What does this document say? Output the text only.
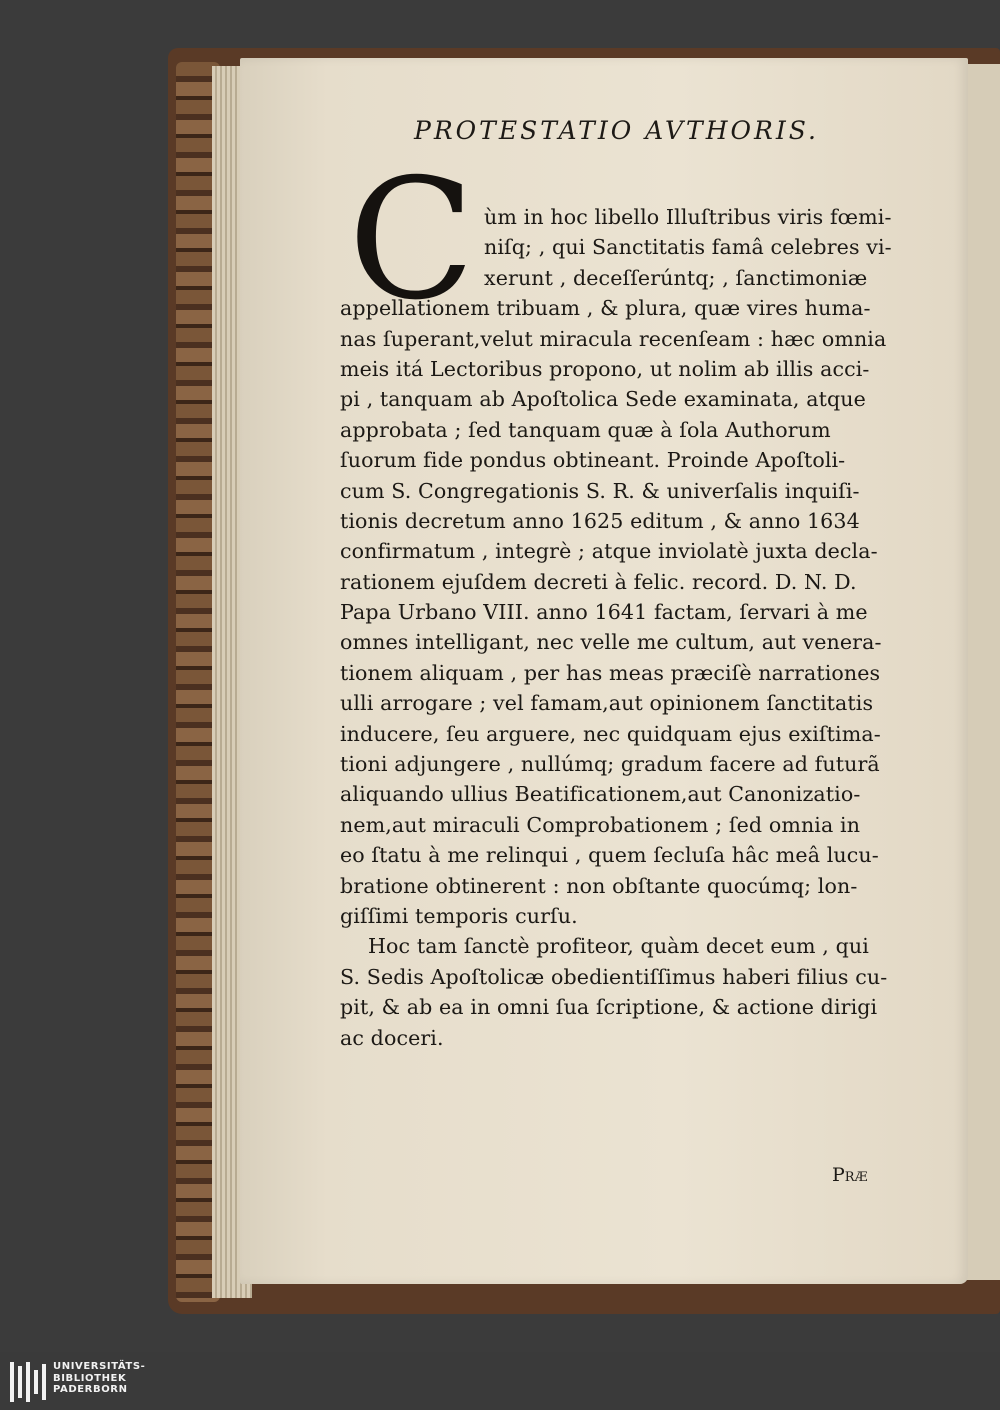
PROTESTATIO AVTHORIS.
C ùm in hoc libello Illuſtribus viris fœmi-
niſq; , qui Sanctitatis famâ celebres vi-
xerunt , deceſſerúntq; , ſanctimoniæ
appellationem tribuam , & plura, quæ vires huma-
nas ſuperant,velut miracula recenſeam : hæc omnia
meis itá Lectoribus propono, ut nolim ab illis acci-
pi , tanquam ab Apoſtolica Sede examinata, atque
approbata ; ſed tanquam quæ à ſola Authorum
ſuorum fide pondus obtineant. Proinde Apoſtoli-
cum S. Congregationis S. R. & univerſalis inquiſi-
tionis decretum anno 1625 editum , & anno 1634
confirmatum , integrè ; atque inviolatè juxta decla-
rationem ejuſdem decreti à felic. record. D. N. D.
Papa Urbano VIII. anno 1641 factam, ſervari à me
omnes intelligant, nec velle me cultum, aut venera-
tionem aliquam , per has meas præciſè narrationes
ulli arrogare ; vel famam,aut opinionem ſanctitatis
inducere, ſeu arguere, nec quidquam ejus exiſtima-
tioni adjungere , nullúmq; gradum facere ad futurã
aliquando ullius Beatificationem,aut Canonizatio-
nem,aut miraculi Comprobationem ; ſed omnia in
eo ſtatu à me relinqui , quem ſecluſa hâc meâ lucu-
bratione obtinerent : non obſtante quocúmq; lon-
giſſimi temporis curſu.
Hoc tam ſanctè profiteor, quàm decet eum , qui
S. Sedis Apoſtolicæ obedientiſſimus haberi filius cu-
pit, & ab ea in omni ſua ſcriptione, & actione dirigi
ac doceri.
Præ
UNIVERSITÄTS-
BIBLIOTHEK
PADERBORN
